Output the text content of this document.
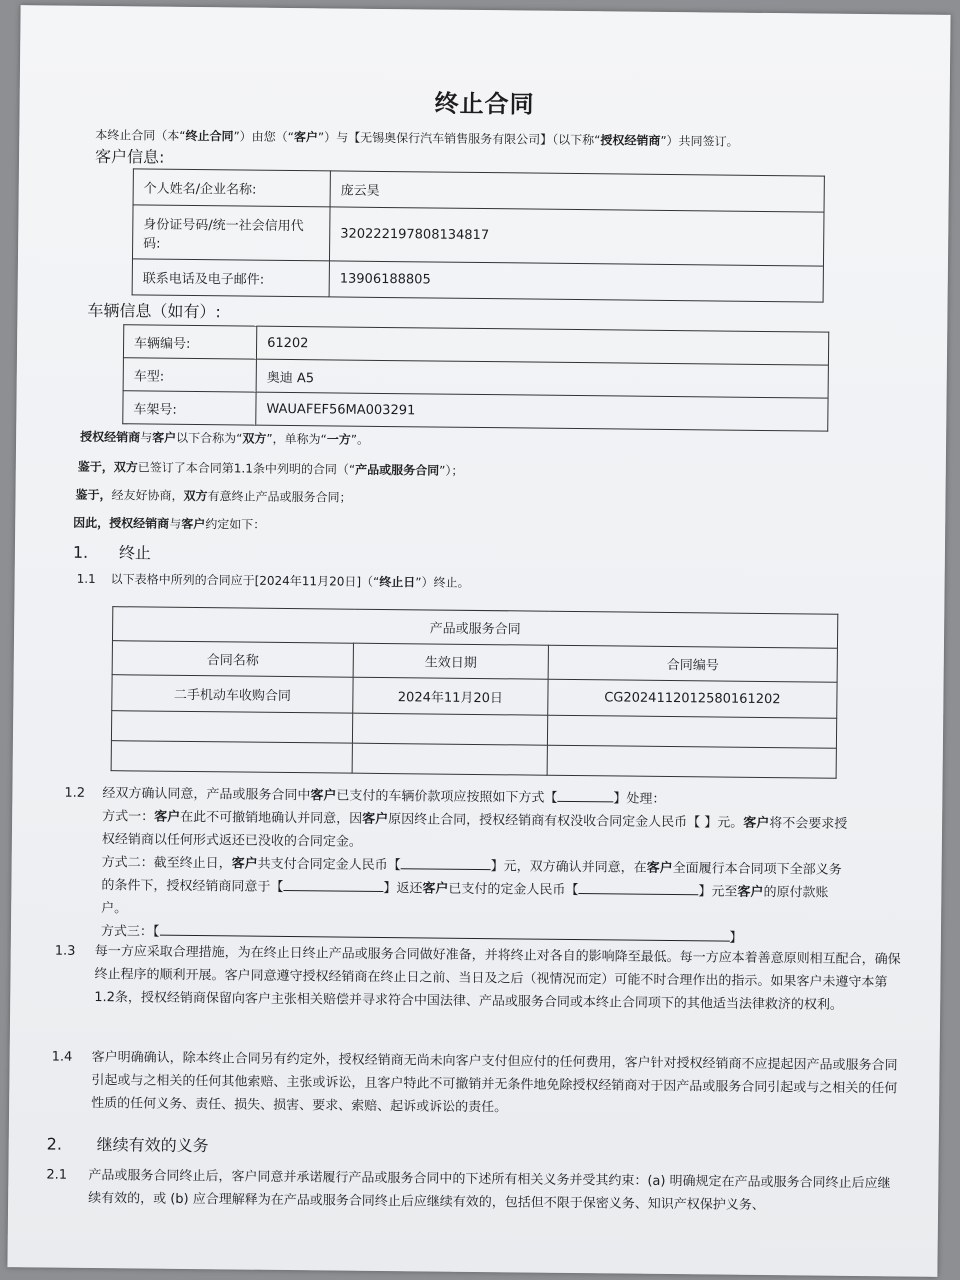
终止合同
本终止合同（本“终止合同”）由您（“客户”）与【无锡奥保行汽车销售服务有限公司】（以下称“授权经销商”）共同签订。
客户信息:
个人姓名/企业名称:	庞云昊
身份证号码/统一社会信用代码:	320222197808134817
联系电话及电子邮件:	13906188805
车辆信息（如有）:
车辆编号:	61202
车型:	奥迪 A5
车架号:	WAUAFEF56MA003291
授权经销商与客户以下合称为“双方”，单称为“一方”。
鉴于，双方已签订了本合同第1.1条中列明的合同（“产品或服务合同”）；
鉴于，经友好协商，双方有意终止产品或服务合同；
因此，授权经销商与客户约定如下：
1. 终止
1.1 以下表格中所列的合同应于[2024年11月20日]（“终止日”）终止。
产品或服务合同		
合同名称	生效日期	合同编号
二手机动车收购合同	2024年11月20日	CG2024112012580161202

1.2 经双方确认同意，产品或服务合同中客户已支付的车辆价款项应按照如下方式【	】处理：
方式一：客户在此不可撤销地确认并同意，因客户原因终止合同，授权经销商有权没收合同定金人民币【 】元。客户将不会要求授
权经销商以任何形式返还已没收的合同定金。
方式二：截至终止日，客户共支付合同定金人民币【	】元，双方确认并同意，在客户全面履行本合同项下全部义务
的条件下，授权经销商同意于【	】返还客户已支付的定金人民币【	】元至客户的原付款账
户。
方式三：【	】
1.3	每一方应采取合理措施，为在终止日终止产品或服务合同做好准备，并将终止对各自的影响降至最低。每一方应本着善意原则相互配合，确保终止程序的顺利开展。客户同意遵守授权经销商在终止日之前、当日及之后（视情况而定）可能不时合理作出的指示。如果客户未遵守本第1.2条，授权经销商保留向客户主张相关赔偿并寻求符合中国法律、产品或服务合同或本终止合同项下的其他适当法律救济的权利。
1.4	客户明确确认，除本终止合同另有约定外，授权经销商无尚未向客户支付但应付的任何费用，客户针对授权经销商不应提起因产品或服务合同引起或与之相关的任何其他索赔、主张或诉讼，且客户特此不可撤销并无条件地免除授权经销商对于因产品或服务合同引起或与之相关的任何性质的任何义务、责任、损失、损害、要求、索赔、起诉或诉讼的责任。
2. 继续有效的义务
2.1	产品或服务合同终止后，客户同意并承诺履行产品或服务合同中的下述所有相关义务并受其约束：(a) 明确规定在产品或服务合同终止后应继续有效的，或 (b) 应合理解释为在产品或服务合同终止后应继续有效的，包括但不限于保密义务、知识产权保护义务、
